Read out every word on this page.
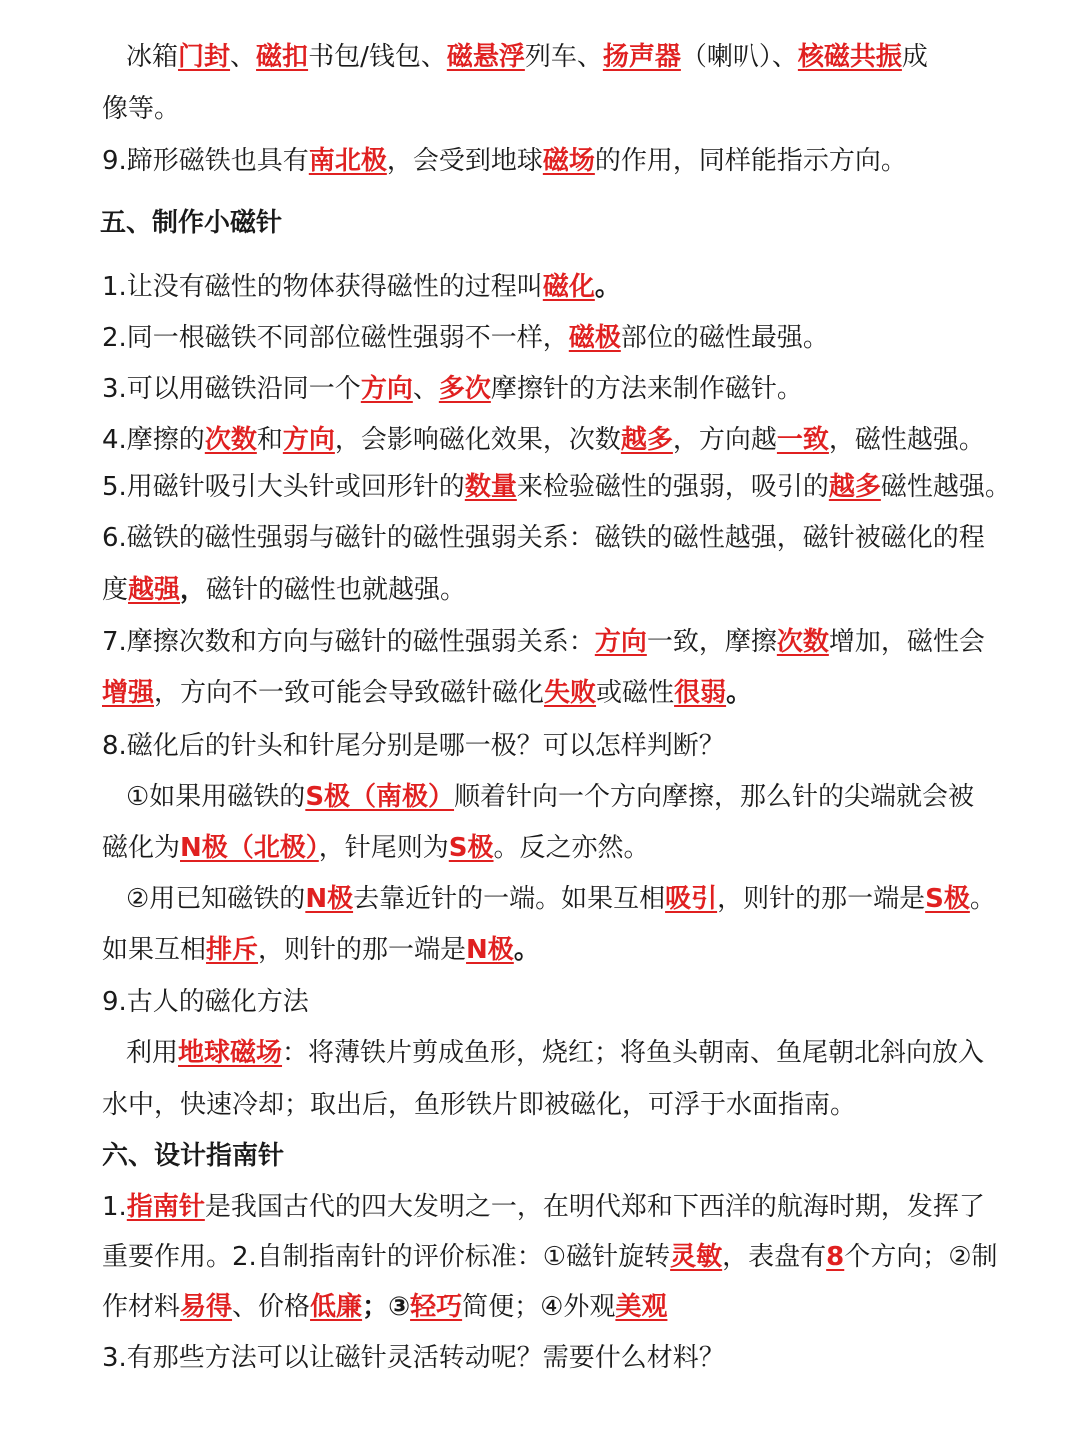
冰箱门封、磁扣书包/钱包、磁悬浮列车、扬声器（喇叭）、核磁共振成
像等。
9.蹄形磁铁也具有南北极，会受到地球磁场的作用，同样能指示方向。
五、制作小磁针
1.让没有磁性的物体获得磁性的过程叫磁化。
2.同一根磁铁不同部位磁性强弱不一样，磁极部位的磁性最强。
3.可以用磁铁沿同一个方向、多次摩擦针的方法来制作磁针。
4.摩擦的次数和方向，会影响磁化效果，次数越多，方向越一致，磁性越强。
5.用磁针吸引大头针或回形针的数量来检验磁性的强弱，吸引的越多磁性越强。
6.磁铁的磁性强弱与磁针的磁性强弱关系：磁铁的磁性越强，磁针被磁化的程
度越强，磁针的磁性也就越强。
7.摩擦次数和方向与磁针的磁性强弱关系：方向一致，摩擦次数增加，磁性会
增强，方向不一致可能会导致磁针磁化失败或磁性很弱。
8.磁化后的针头和针尾分别是哪一极？可以怎样判断？
①如果用磁铁的S极（南极）顺着针向一个方向摩擦，那么针的尖端就会被
磁化为N极（北极），针尾则为S极。反之亦然。
②用已知磁铁的N极去靠近针的一端。如果互相吸引，则针的那一端是S极。
如果互相排斥，则针的那一端是N极。
9.古人的磁化方法
利用地球磁场：将薄铁片剪成鱼形，烧红；将鱼头朝南、鱼尾朝北斜向放入
水中，快速冷却；取出后，鱼形铁片即被磁化，可浮于水面指南。
六、设计指南针
1.指南针是我国古代的四大发明之一，在明代郑和下西洋的航海时期，发挥了
重要作用。2.自制指南针的评价标准：①磁针旋转灵敏，表盘有8个方向；②制
作材料易得、价格低廉；③轻巧简便；④外观美观
3.有那些方法可以让磁针灵活转动呢？需要什么材料？
